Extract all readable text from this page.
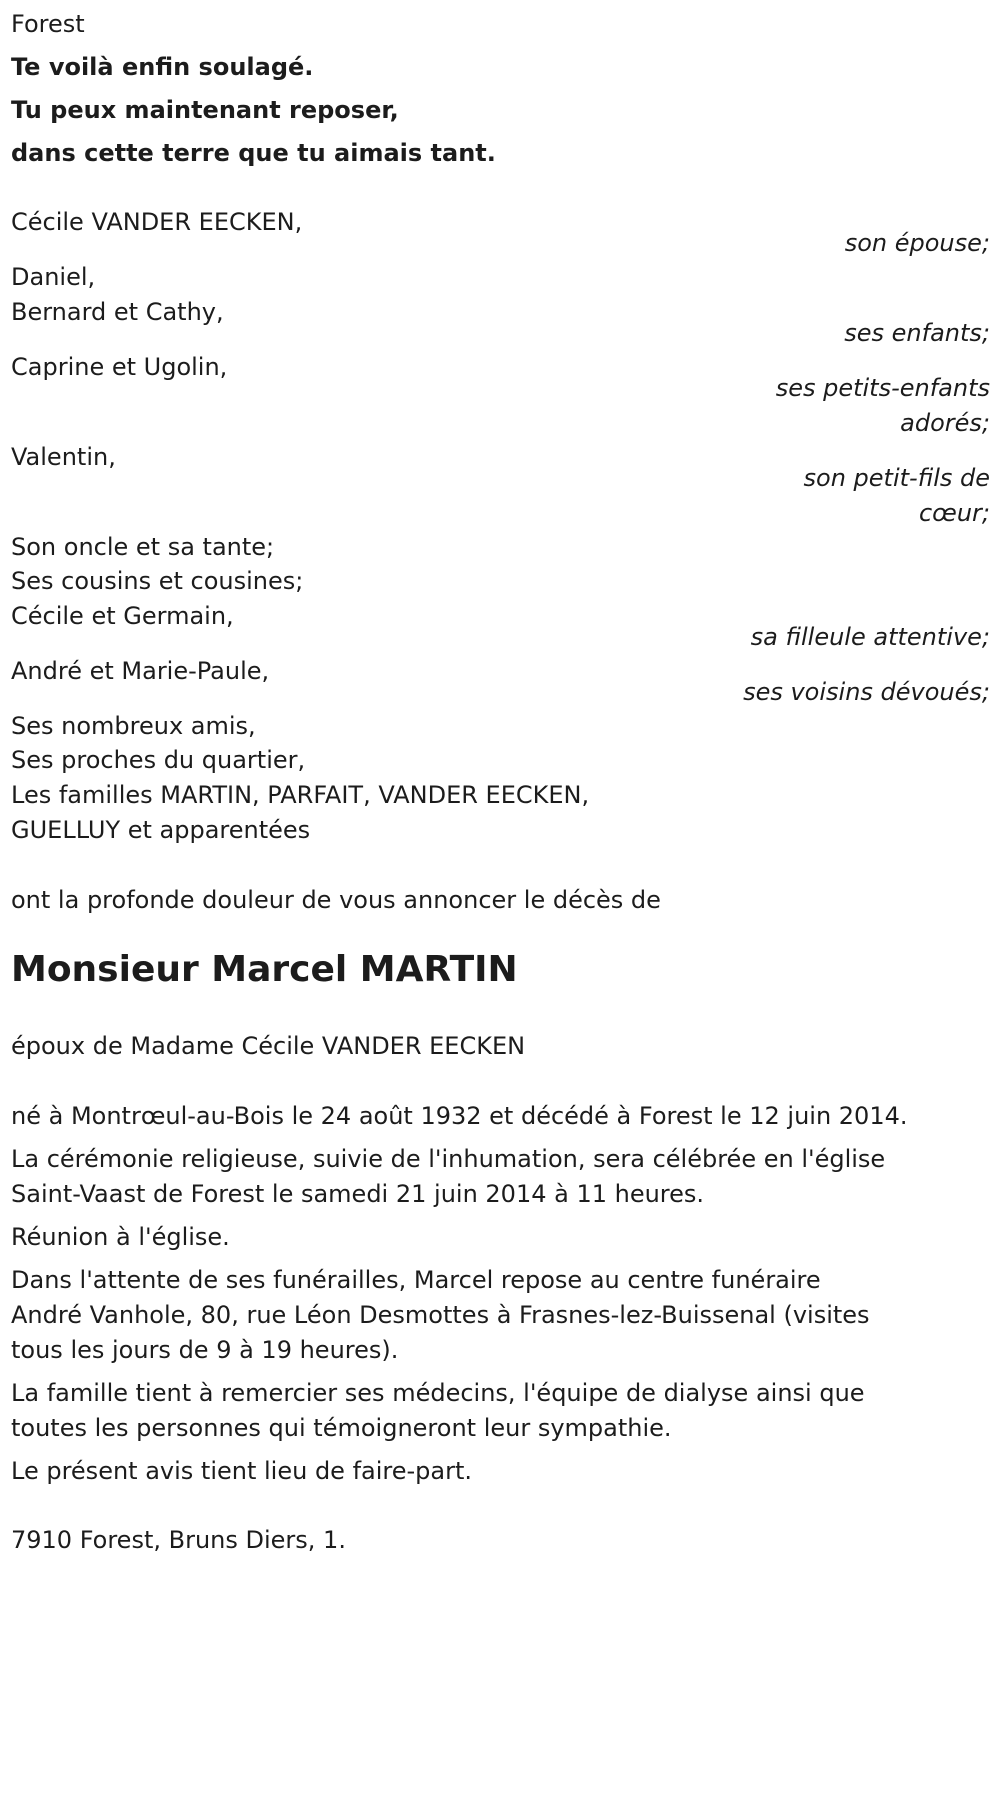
Forest
Te voilà enfin soulagé.
Tu peux maintenant reposer,
dans cette terre que tu aimais tant.
Cécile VANDER EECKEN,
son épouse;
Daniel,
Bernard et Cathy,
ses enfants;
Caprine et Ugolin,
ses petits-enfants
adorés;
Valentin,
son petit-fils de
cœur;
Son oncle et sa tante;
Ses cousins et cousines;
Cécile et Germain,
sa filleule attentive;
André et Marie-Paule,
ses voisins dévoués;
Ses nombreux amis,
Ses proches du quartier,
Les familles MARTIN, PARFAIT, VANDER EECKEN,
GUELLUY et apparentées
ont la profonde douleur de vous annoncer le décès de
Monsieur Marcel MARTIN
époux de Madame Cécile VANDER EECKEN
né à Montrœul-au-Bois le 24 août 1932 et décédé à Forest le 12 juin 2014.
La cérémonie religieuse, suivie de l'inhumation, sera célébrée en l'église
Saint-Vaast de Forest le samedi 21 juin 2014 à 11 heures.
Réunion à l'église.
Dans l'attente de ses funérailles, Marcel repose au centre funéraire
André Vanhole, 80, rue Léon Desmottes à Frasnes-lez-Buissenal (visites
tous les jours de 9 à 19 heures).
La famille tient à remercier ses médecins, l'équipe de dialyse ainsi que
toutes les personnes qui témoigneront leur sympathie.
Le présent avis tient lieu de faire-part.
7910 Forest, Bruns Diers, 1.
